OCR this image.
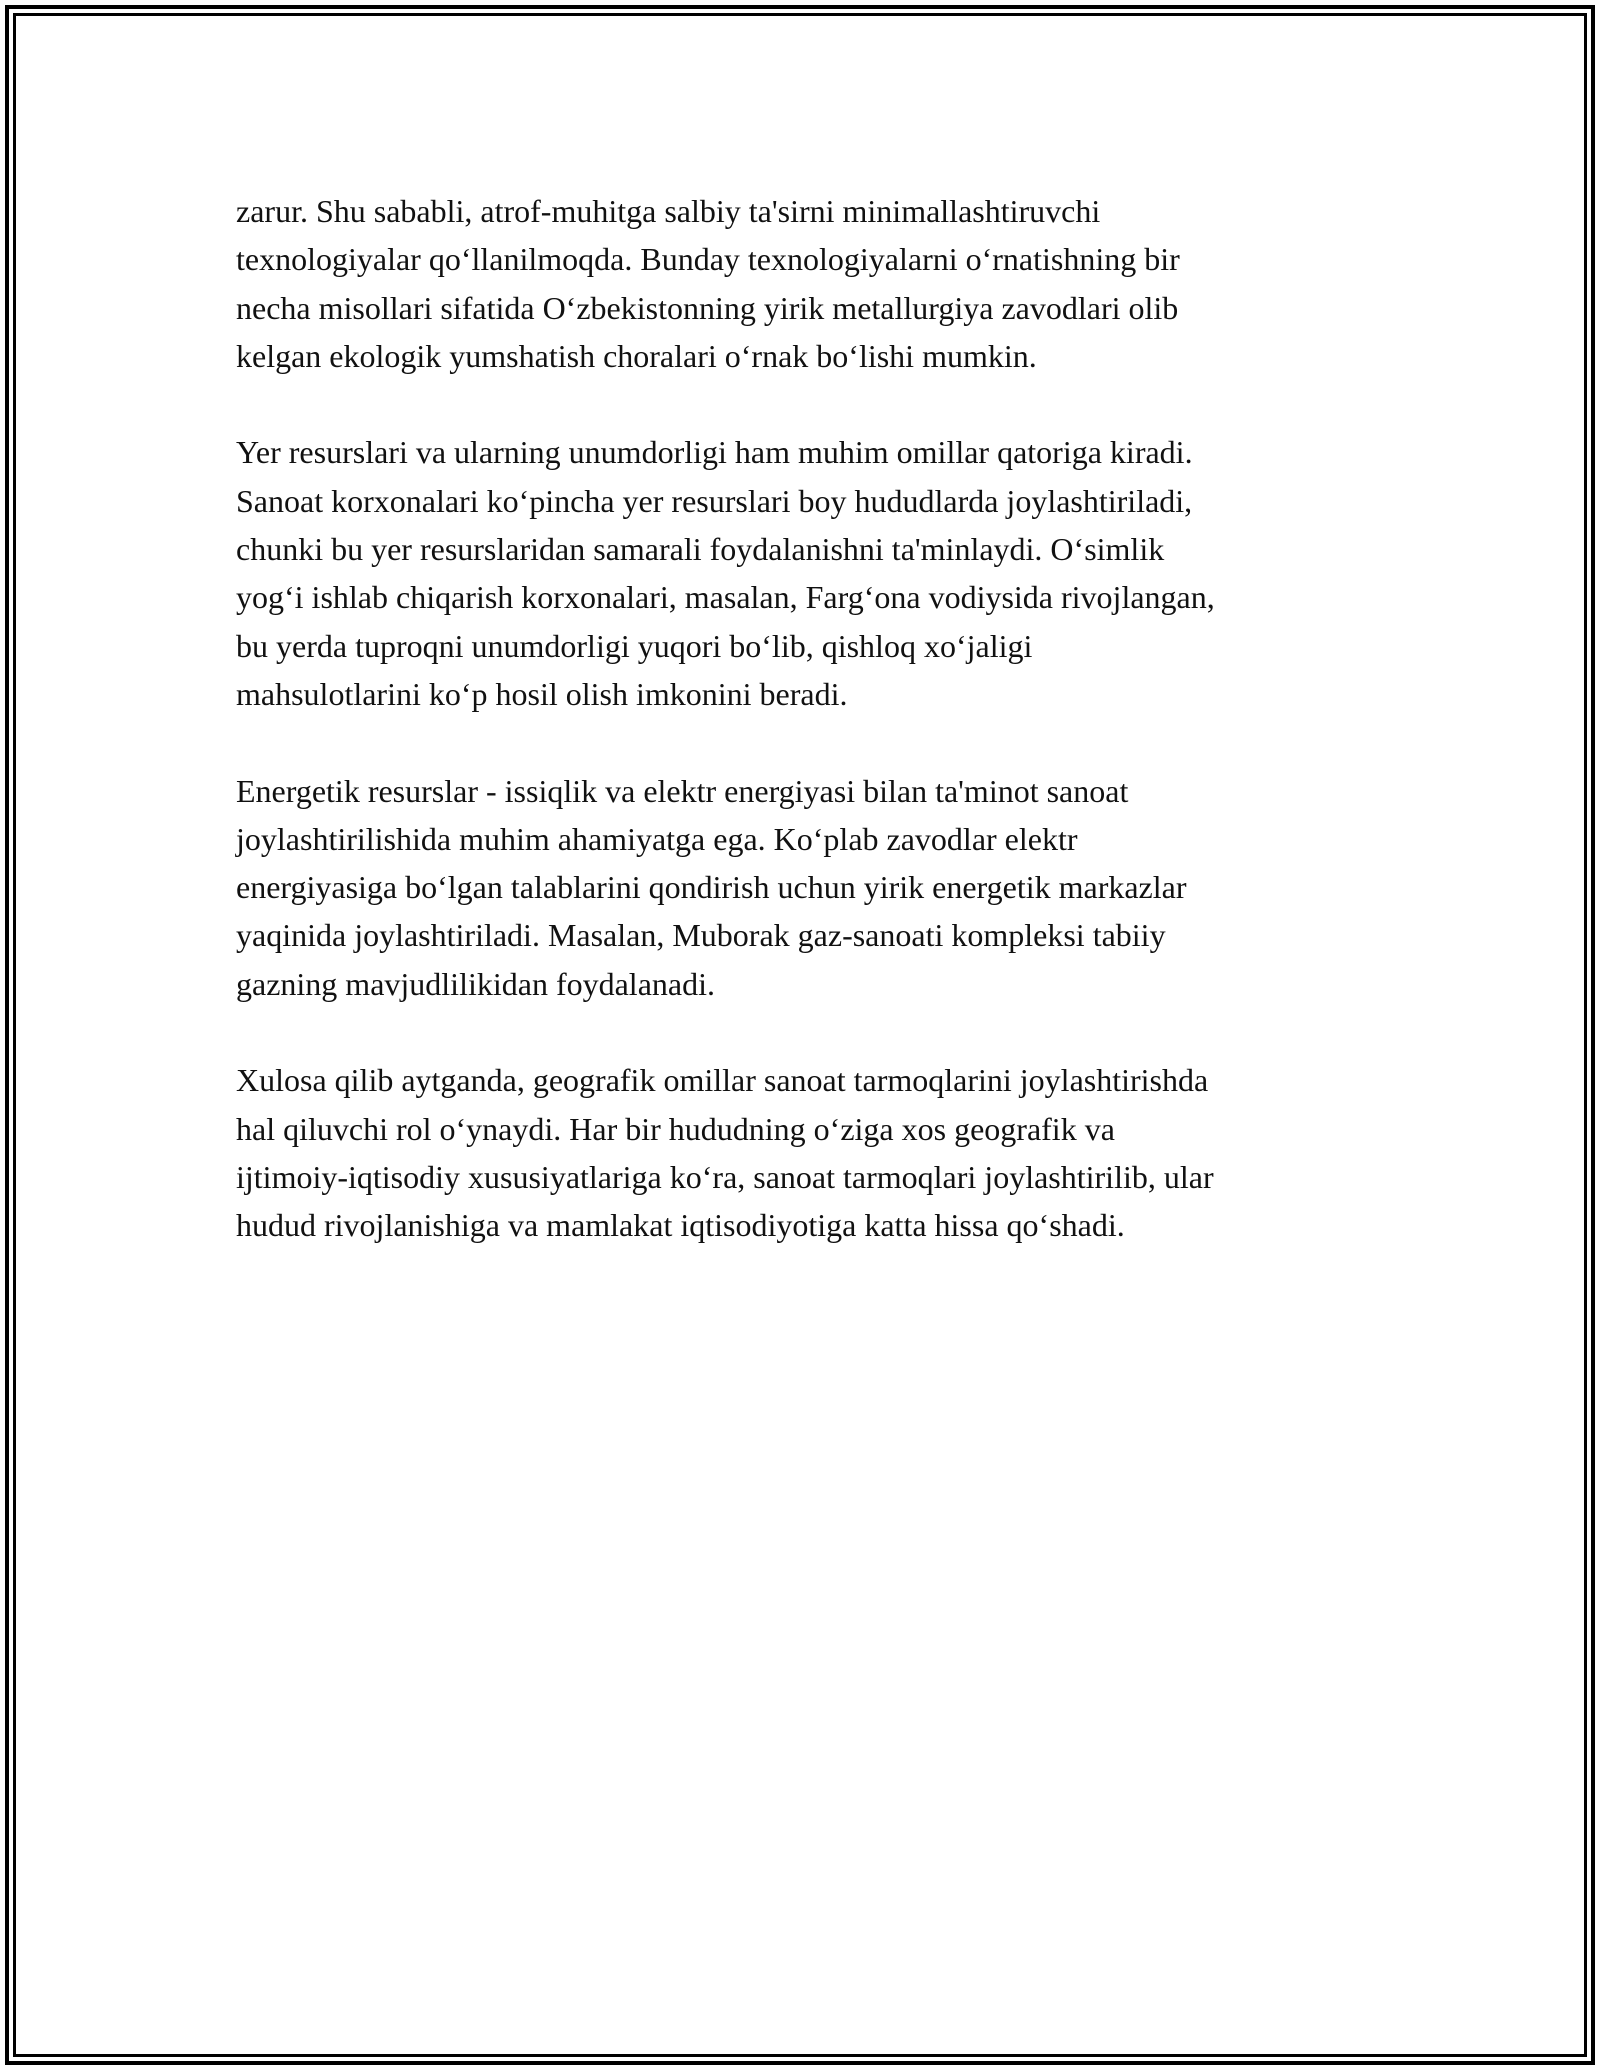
zarur. Shu sababli, atrof-muhitga salbiy ta'sirni minimallashtiruvchi
texnologiyalar qo‘llanilmoqda. Bunday texnologiyalarni o‘rnatishning bir
necha misollari sifatida O‘zbekistonning yirik metallurgiya zavodlari olib
kelgan ekologik yumshatish choralari o‘rnak bo‘lishi mumkin.

Yer resurslari va ularning unumdorligi ham muhim omillar qatoriga kiradi.
Sanoat korxonalari ko‘pincha yer resurslari boy hududlarda joylashtiriladi,
chunki bu yer resurslaridan samarali foydalanishni ta'minlaydi. O‘simlik
yog‘i ishlab chiqarish korxonalari, masalan, Farg‘ona vodiysida rivojlangan,
bu yerda tuproqni unumdorligi yuqori bo‘lib, qishloq xo‘jaligi
mahsulotlarini ko‘p hosil olish imkonini beradi.

Energetik resurslar - issiqlik va elektr energiyasi bilan ta'minot sanoat
joylashtirilishida muhim ahamiyatga ega. Ko‘plab zavodlar elektr
energiyasiga bo‘lgan talablarini qondirish uchun yirik energetik markazlar
yaqinida joylashtiriladi. Masalan, Muborak gaz-sanoati kompleksi tabiiy
gazning mavjudlilikidan foydalanadi.

Xulosa qilib aytganda, geografik omillar sanoat tarmoqlarini joylashtirishda
hal qiluvchi rol o‘ynaydi. Har bir hududning o‘ziga xos geografik va
ijtimoiy-iqtisodiy xususiyatlariga ko‘ra, sanoat tarmoqlari joylashtirilib, ular
hudud rivojlanishiga va mamlakat iqtisodiyotiga katta hissa qo‘shadi.
